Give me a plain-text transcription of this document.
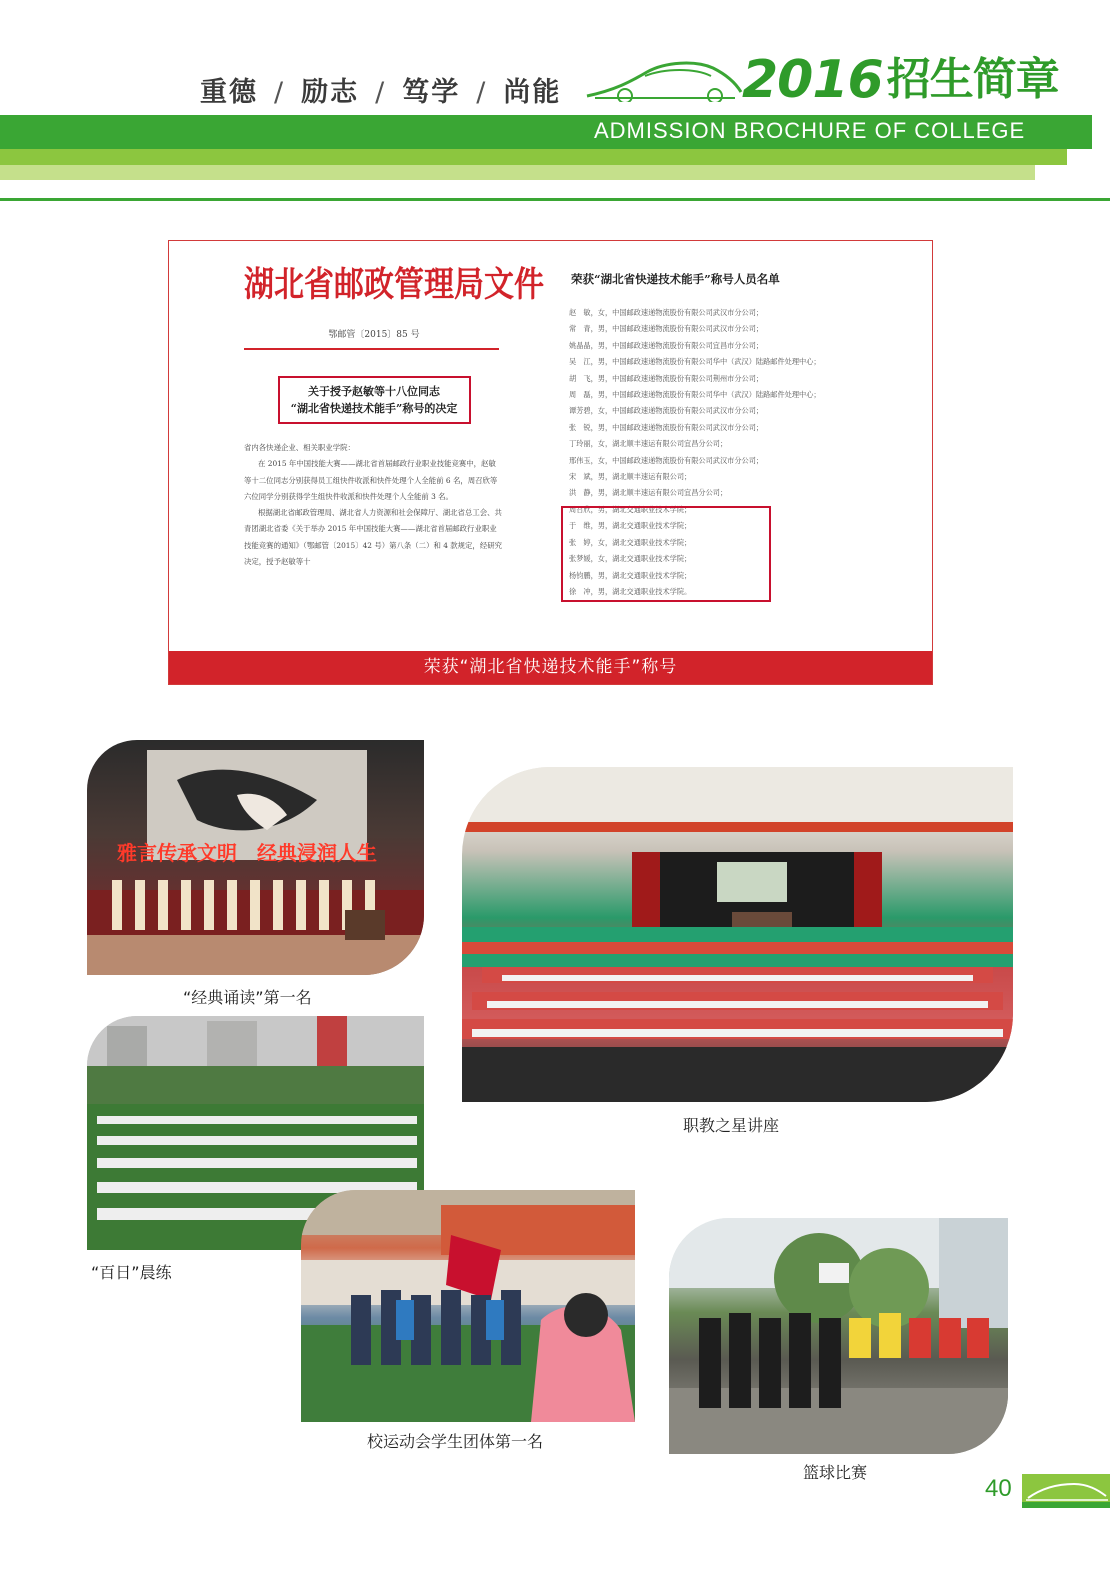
重德 / 励志 / 笃学 / 尚能	2016招生简章
ADMISSION BROCHURE OF COLLEGE
湖北省邮政管理局文件
鄂邮管〔2015〕85 号
关于授予赵敏等十八位同志
“湖北省快递技术能手”称号的决定

省内各快递企业、相关职业学院：

在 2015 年中国技能大赛——湖北省首届邮政行业职业技能竞赛中，赵敏等十二位同志分别获得员工组快件收派和快件处理个人全能前 6 名，周召欣等六位同学分别获得学生组快件收派和快件处理个人全能前 3 名。

根据湖北省邮政管理局、湖北省人力资源和社会保障厅、湖北省总工会、共青团湖北省委《关于举办 2015 年中国技能大赛——湖北省首届邮政行业职业技能竞赛的通知》（鄂邮管〔2015〕42 号）第八条（二）和 4 款规定，经研究决定，授予赵敏等十

荣获“湖北省快递技术能手”称号人员名单
赵　敏，女，中国邮政速递物流股份有限公司武汉市分公司；
常　青，男，中国邮政速递物流股份有限公司武汉市分公司；
姚晶晶，男，中国邮政速递物流股份有限公司宜昌市分公司；
吴　江，男，中国邮政速递物流股份有限公司华中（武汉）陆路邮件处理中心；
胡　飞，男，中国邮政速递物流股份有限公司荆州市分公司；
周　磊，男，中国邮政速递物流股份有限公司华中（武汉）陆路邮件处理中心；
谭芳碧，女，中国邮政速递物流股份有限公司武汉市分公司；
张　锐，男，中国邮政速递物流股份有限公司武汉市分公司；
丁玲丽，女，湖北顺丰速运有限公司宜昌分公司；
邢伟玉，女，中国邮政速递物流股份有限公司武汉市分公司；
宋　斌，男，湖北顺丰速运有限公司；
洪　静，男，湖北顺丰速运有限公司宜昌分公司；
周召欣，男，湖北交通职业技术学院；
于　维，男，湖北交通职业技术学院；
张　婷，女，湖北交通职业技术学院；
张梦媛，女，湖北交通职业技术学院；
杨钧鹏，男，湖北交通职业技术学院；
徐　冲，男，湖北交通职业技术学院。
荣获“湖北省快递技术能手”称号
雅言传承文明　经典浸润人生
“经典诵读”第一名
职教之星讲座
“百日”晨练
校运动会学生团体第一名
篮球比赛
40
